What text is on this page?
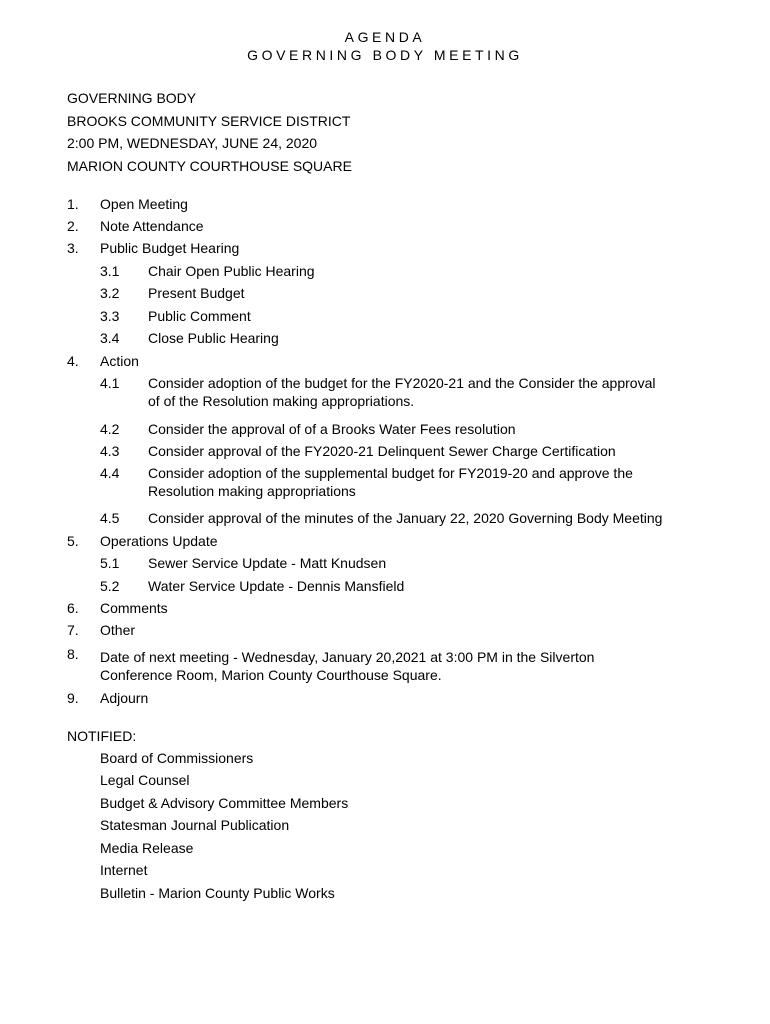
AGENDA
GOVERNING BODY MEETING
GOVERNING BODY
BROOKS COMMUNITY SERVICE DISTRICT
2:00 PM, WEDNESDAY, JUNE 24, 2020
MARION COUNTY COURTHOUSE SQUARE
1. Open Meeting
2. Note Attendance
3. Public Budget Hearing
3.1 Chair Open Public Hearing
3.2 Present Budget
3.3 Public Comment
3.4 Close Public Hearing
4. Action
4.1 Consider adoption of the budget for the FY2020-21 and the Consider the approval
of of the Resolution making appropriations.
4.2 Consider the approval of of a Brooks Water Fees resolution
4.3 Consider approval of the FY2020-21 Delinquent Sewer Charge Certification
4.4 Consider adoption of the supplemental budget for FY2019-20 and approve the
Resolution making appropriations
4.5 Consider approval of the minutes of the January 22, 2020 Governing Body Meeting
5. Operations Update
5.1 Sewer Service Update - Matt Knudsen
5.2 Water Service Update - Dennis Mansfield
6. Comments
7. Other
8. Date of next meeting - Wednesday, January 20,2021 at 3:00 PM in the Silverton
Conference Room, Marion County Courthouse Square.
9. Adjourn
NOTIFIED:
Board of Commissioners
Legal Counsel
Budget & Advisory Committee Members
Statesman Journal Publication
Media Release
Internet
Bulletin - Marion County Public Works
